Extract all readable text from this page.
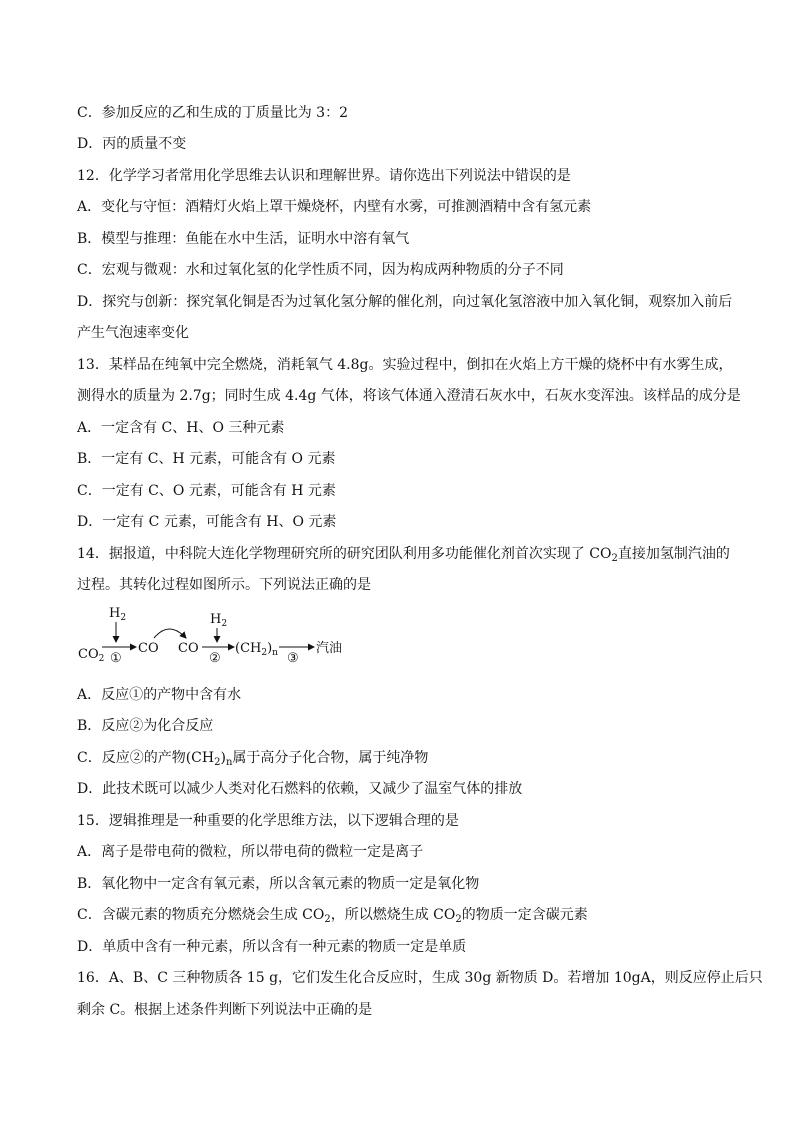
C．参加反应的乙和生成的丁质量比为 3：2
D．丙的质量不变
12．化学学习者常用化学思维去认识和理解世界。请你选出下列说法中错误的是
A．变化与守恒：酒精灯火焰上罩干燥烧杯，内壁有水雾，可推测酒精中含有氢元素
B．模型与推理：鱼能在水中生活，证明水中溶有氧气
C．宏观与微观：水和过氧化氢的化学性质不同，因为构成两种物质的分子不同
D．探究与创新：探究氧化铜是否为过氧化氢分解的催化剂，向过氧化氢溶液中加入氧化铜，观察加入前后
产生气泡速率变化
13．某样品在纯氧中完全燃烧，消耗氧气 4.8g。实验过程中，倒扣在火焰上方干燥的烧杯中有水雾生成，
测得水的质量为 2.7g；同时生成 4.4g 气体，将该气体通入澄清石灰水中，石灰水变浑浊。该样品的成分是
A．一定含有 C、H、O 三种元素
B．一定有 C、H 元素，可能含有 O 元素
C．一定有 C、O 元素，可能含有 H 元素
D．一定有 C 元素，可能含有 H、O 元素
14．据报道，中科院大连化学物理研究所的研究团队利用多功能催化剂首次实现了 $CO_2$直接加氢制汽油的
过程。其转化过程如图所示。下列说法正确的是
$CO_2$
$H_2$
①
CO CO
$H_2$
②
$(CH_2)_n$ ③
汽油
A．反应①的产物中含有水
B．反应②为化合反应
C．反应②的产物$(CH_2)_n$属于高分子化合物，属于纯净物
D．此技术既可以减少人类对化石燃料的依赖，又减少了温室气体的排放
15．逻辑推理是一种重要的化学思维方法，以下逻辑合理的是
A．离子是带电荷的微粒，所以带电荷的微粒一定是离子
B．氧化物中一定含有氧元素，所以含氧元素的物质一定是氧化物
C．含碳元素的物质充分燃烧会生成 $CO_2$，所以燃烧生成 $CO_2$的物质一定含碳元素
D．单质中含有一种元素，所以含有一种元素的物质一定是单质
16．A、B、C 三种物质各 15 g，它们发生化合反应时，生成 30g 新物质 D。若增加 10gA，则反应停止后只
剩余 C。根据上述条件判断下列说法中正确的是
